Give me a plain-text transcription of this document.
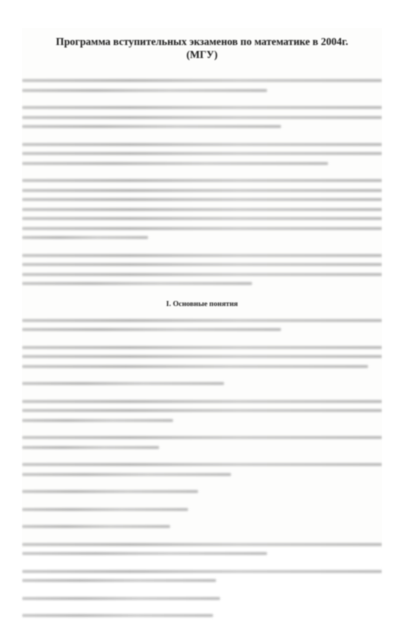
Программа вступительных экзаменов по математике в 2004г.
(МГУ)
I. Основные понятия
